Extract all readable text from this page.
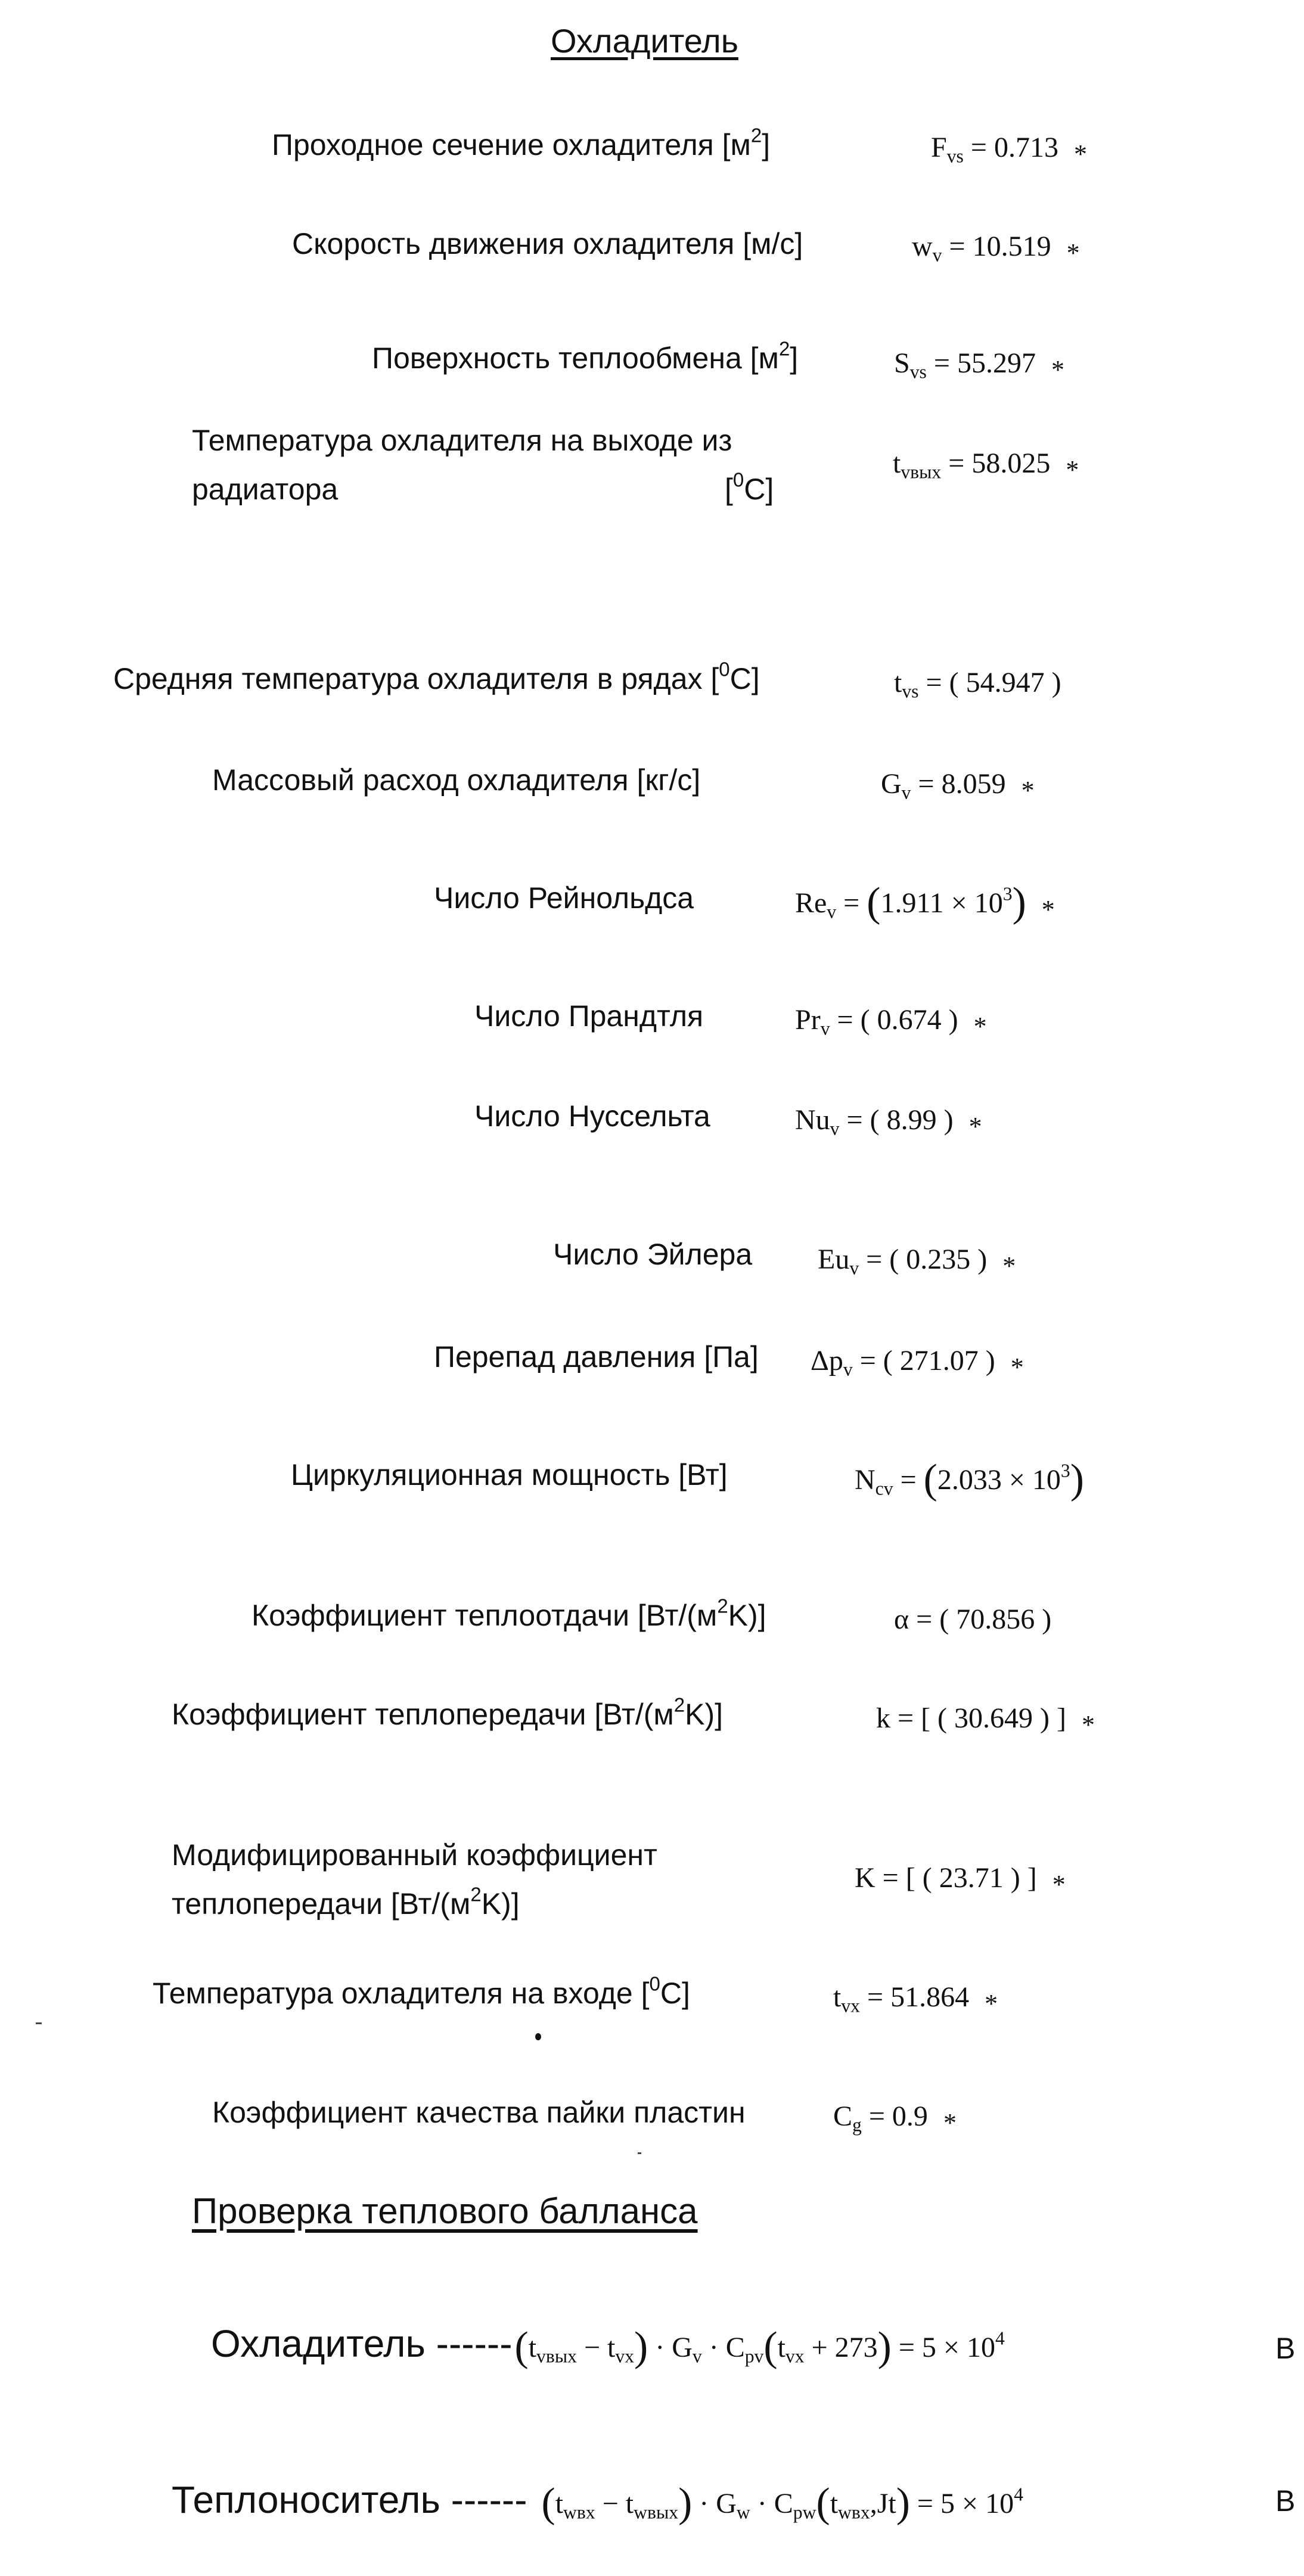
Охладитель
Проходное сечение охладителя $[м^2]$	$F_{vs} = 0.713$ *
Скорость движения охладителя [м/с]	$w_v = 10.519$ *
Поверхность теплообмена $[м^2]$	$S_{vs} = 55.297$ *
Температура охладителя на выходе из
радиатора	[$^0$C]
$t_{vвых} = 58.025$ *
Средняя температура охладителя в рядах [$^0$C]	$t_{vs}$ = ( 54.947 )
Массовый расход охладителя [кг/с]	$G_v = 8.059$ *
Число Рейнольдса	$Re_v = (1.911 \times 10^3)$ *
Число Прандтля	$Pr_v$ = ( 0.674 ) *
Число Нуссельта	$Nu_v$ = ( 8.99 ) *
Число Эйлера $Eu_v$ = ( 0.235 ) *
Перепад давления [Па] $\Delta p_v$ = ( 271.07 ) *
Циркуляционная мощность [Вт]	$N_{cv} = (2.033 \times 10^3)$
Коэффициент теплоотдачи $[Вт/(м^2K)]$	α = ( 70.856 )
Коэффициент теплопередачи $[Вт/(м^2K)]$	k = [ ( 30.649 ) ] *
Модифицированный коэффициент
теплопередачи $[Вт/(м^2K)]$
K = [ ( 23.71 ) ] *
Температура охладителя на входе [$^0$C]	$t_{vx} = 51.864$ *
Коэффициент качества пайки пластин	$C_g = 0.9$ *
Проверка теплового балланса
Охладитель ------ $(t_{vвых} - t_{vx}) \cdot G_v \cdot C_{pv}(t_{vx} + 273) = 5 \times 10^4$	B
Теплоноситель ------ $(t_{wвх} - t_{wвых}) \cdot G_w \cdot C_{pw}(t_{wвх},Jt) = 5 \times 10^4$	B
